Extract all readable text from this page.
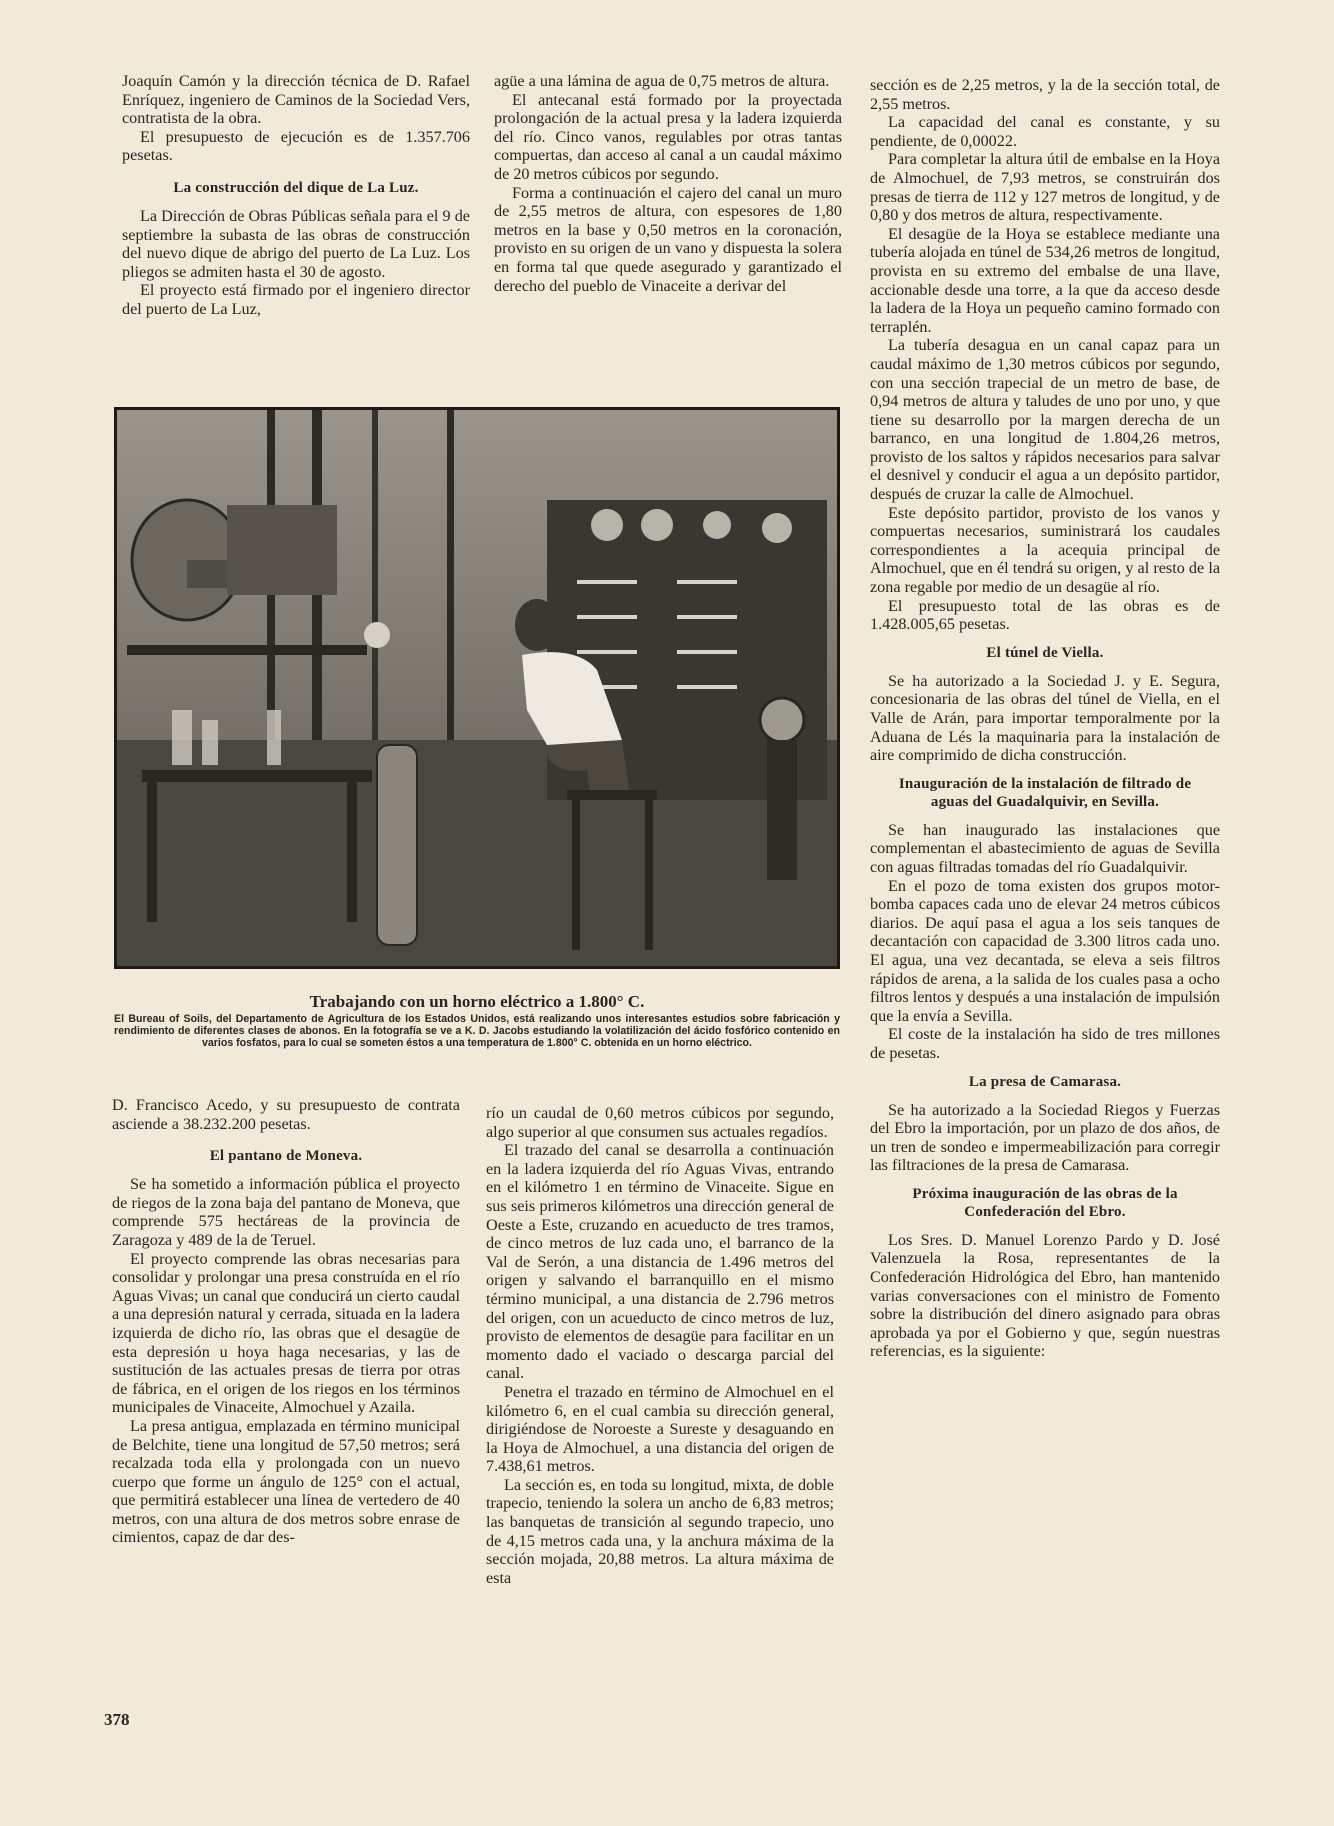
Joaquín Camón y la dirección técnica de D. Rafael Enríquez, ingeniero de Caminos de la Sociedad Vers, contratista de la obra.

El presupuesto de ejecución es de 1.357.706 pesetas.

La construcción del dique de La Luz.

La Dirección de Obras Públicas señala para el 9 de septiembre la subasta de las obras de construcción del nuevo dique de abrigo del puerto de La Luz. Los pliegos se admiten hasta el 30 de agosto.

El proyecto está firmado por el ingeniero director del puerto de La Luz,

agüe a una lámina de agua de 0,75 metros de altura.

El antecanal está formado por la proyectada prolongación de la actual presa y la ladera izquierda del río. Cinco vanos, regulables por otras tantas compuertas, dan acceso al canal a un caudal máximo de 20 metros cúbicos por segundo.

Forma a continuación el cajero del canal un muro de 2,55 metros de altura, con espesores de 1,80 metros en la base y 0,50 metros en la coronación, provisto en su origen de un vano y dispuesta la solera en forma tal que quede asegurado y garantizado el derecho del pueblo de Vinaceite a derivar del

Trabajando con un horno eléctrico a 1.800° C.
El Bureau of Soils, del Departamento de Agricultura de los Estados Unidos, está realizando unos interesantes estudios sobre fabricación y rendimiento de diferentes clases de abonos. En la fotografía se ve a K. D. Jacobs estudiando la volatilización del ácido fosfórico contenido en varios fosfatos, para lo cual se someten éstos a una temperatura de 1.800° C. obtenida en un horno eléctrico.

D. Francisco Acedo, y su presupuesto de contrata asciende a 38.232.200 pesetas.

El pantano de Moneva.

Se ha sometido a información pública el proyecto de riegos de la zona baja del pantano de Moneva, que comprende 575 hectáreas de la provincia de Zaragoza y 489 de la de Teruel.

El proyecto comprende las obras necesarias para consolidar y prolongar una presa construída en el río Aguas Vivas; un canal que conducirá un cierto caudal a una depresión natural y cerrada, situada en la ladera izquierda de dicho río, las obras que el desagüe de esta depresión u hoya haga necesarias, y las de sustitución de las actuales presas de tierra por otras de fábrica, en el origen de los riegos en los términos municipales de Vinaceite, Almochuel y Azaila.

La presa antigua, emplazada en término municipal de Belchite, tiene una longitud de 57,50 metros; será recalzada toda ella y prolongada con un nuevo cuerpo que forme un ángulo de 125° con el actual, que permitirá establecer una línea de vertedero de 40 metros, con una altura de dos metros sobre enrase de cimientos, capaz de dar des-

río un caudal de 0,60 metros cúbicos por segundo, algo superior al que consumen sus actuales regadíos.

El trazado del canal se desarrolla a continuación en la ladera izquierda del río Aguas Vivas, entrando en el kilómetro 1 en término de Vinaceite. Sigue en sus seis primeros kilómetros una dirección general de Oeste a Este, cruzando en acueducto de tres tramos, de cinco metros de luz cada uno, el barranco de la Val de Serón, a una distancia de 1.496 metros del origen y salvando el barranquillo en el mismo término municipal, a una distancia de 2.796 metros del origen, con un acueducto de cinco metros de luz, provisto de elementos de desagüe para facilitar en un momento dado el vaciado o descarga parcial del canal.

Penetra el trazado en término de Almochuel en el kilómetro 6, en el cual cambia su dirección general, dirigiéndose de Noroeste a Sureste y desaguando en la Hoya de Almochuel, a una distancia del origen de 7.438,61 metros.

La sección es, en toda su longitud, mixta, de doble trapecio, teniendo la solera un ancho de 6,83 metros; las banquetas de transición al segundo trapecio, uno de 4,15 metros cada una, y la anchura máxima de la sección mojada, 20,88 metros. La altura máxima de esta

sección es de 2,25 metros, y la de la sección total, de 2,55 metros.

La capacidad del canal es constante, y su pendiente, de 0,00022.

Para completar la altura útil de embalse en la Hoya de Almochuel, de 7,93 metros, se construirán dos presas de tierra de 112 y 127 metros de longitud, y de 0,80 y dos metros de altura, respectivamente.

El desagüe de la Hoya se establece mediante una tubería alojada en túnel de 534,26 metros de longitud, provista en su extremo del embalse de una llave, accionable desde una torre, a la que da acceso desde la ladera de la Hoya un pequeño camino formado con terraplén.

La tubería desagua en un canal capaz para un caudal máximo de 1,30 metros cúbicos por segundo, con una sección trapecial de un metro de base, de 0,94 metros de altura y taludes de uno por uno, y que tiene su desarrollo por la margen derecha de un barranco, en una longitud de 1.804,26 metros, provisto de los saltos y rápidos necesarios para salvar el desnivel y conducir el agua a un depósito partidor, después de cruzar la calle de Almochuel.

Este depósito partidor, provisto de los vanos y compuertas necesarios, suministrará los caudales correspondientes a la acequia principal de Almochuel, que en él tendrá su origen, y al resto de la zona regable por medio de un desagüe al río.

El presupuesto total de las obras es de 1.428.005,65 pesetas.

El túnel de Viella.

Se ha autorizado a la Sociedad J. y E. Segura, concesionaria de las obras del túnel de Viella, en el Valle de Arán, para importar temporalmente por la Aduana de Lés la maquinaria para la instalación de aire comprimido de dicha construcción.

Inauguración de la instalación de filtrado de aguas del Guadalquivir, en Sevilla.

Se han inaugurado las instalaciones que complementan el abastecimiento de aguas de Sevilla con aguas filtradas tomadas del río Guadalquivir.

En el pozo de toma existen dos grupos motor-bomba capaces cada uno de elevar 24 metros cúbicos diarios. De aquí pasa el agua a los seis tanques de decantación con capacidad de 3.300 litros cada uno. El agua, una vez decantada, se eleva a seis filtros rápidos de arena, a la salida de los cuales pasa a ocho filtros lentos y después a una instalación de impulsión que la envía a Sevilla.

El coste de la instalación ha sido de tres millones de pesetas.

La presa de Camarasa.

Se ha autorizado a la Sociedad Riegos y Fuerzas del Ebro la importación, por un plazo de dos años, de un tren de sondeo e impermeabilización para corregir las filtraciones de la presa de Camarasa.

Próxima inauguración de las obras de la Confederación del Ebro.

Los Sres. D. Manuel Lorenzo Pardo y D. José Valenzuela la Rosa, representantes de la Confederación Hidrológica del Ebro, han mantenido varias conversaciones con el ministro de Fomento sobre la distribución del dinero asignado para obras aprobada ya por el Gobierno y que, según nuestras referencias, es la siguiente:

378
